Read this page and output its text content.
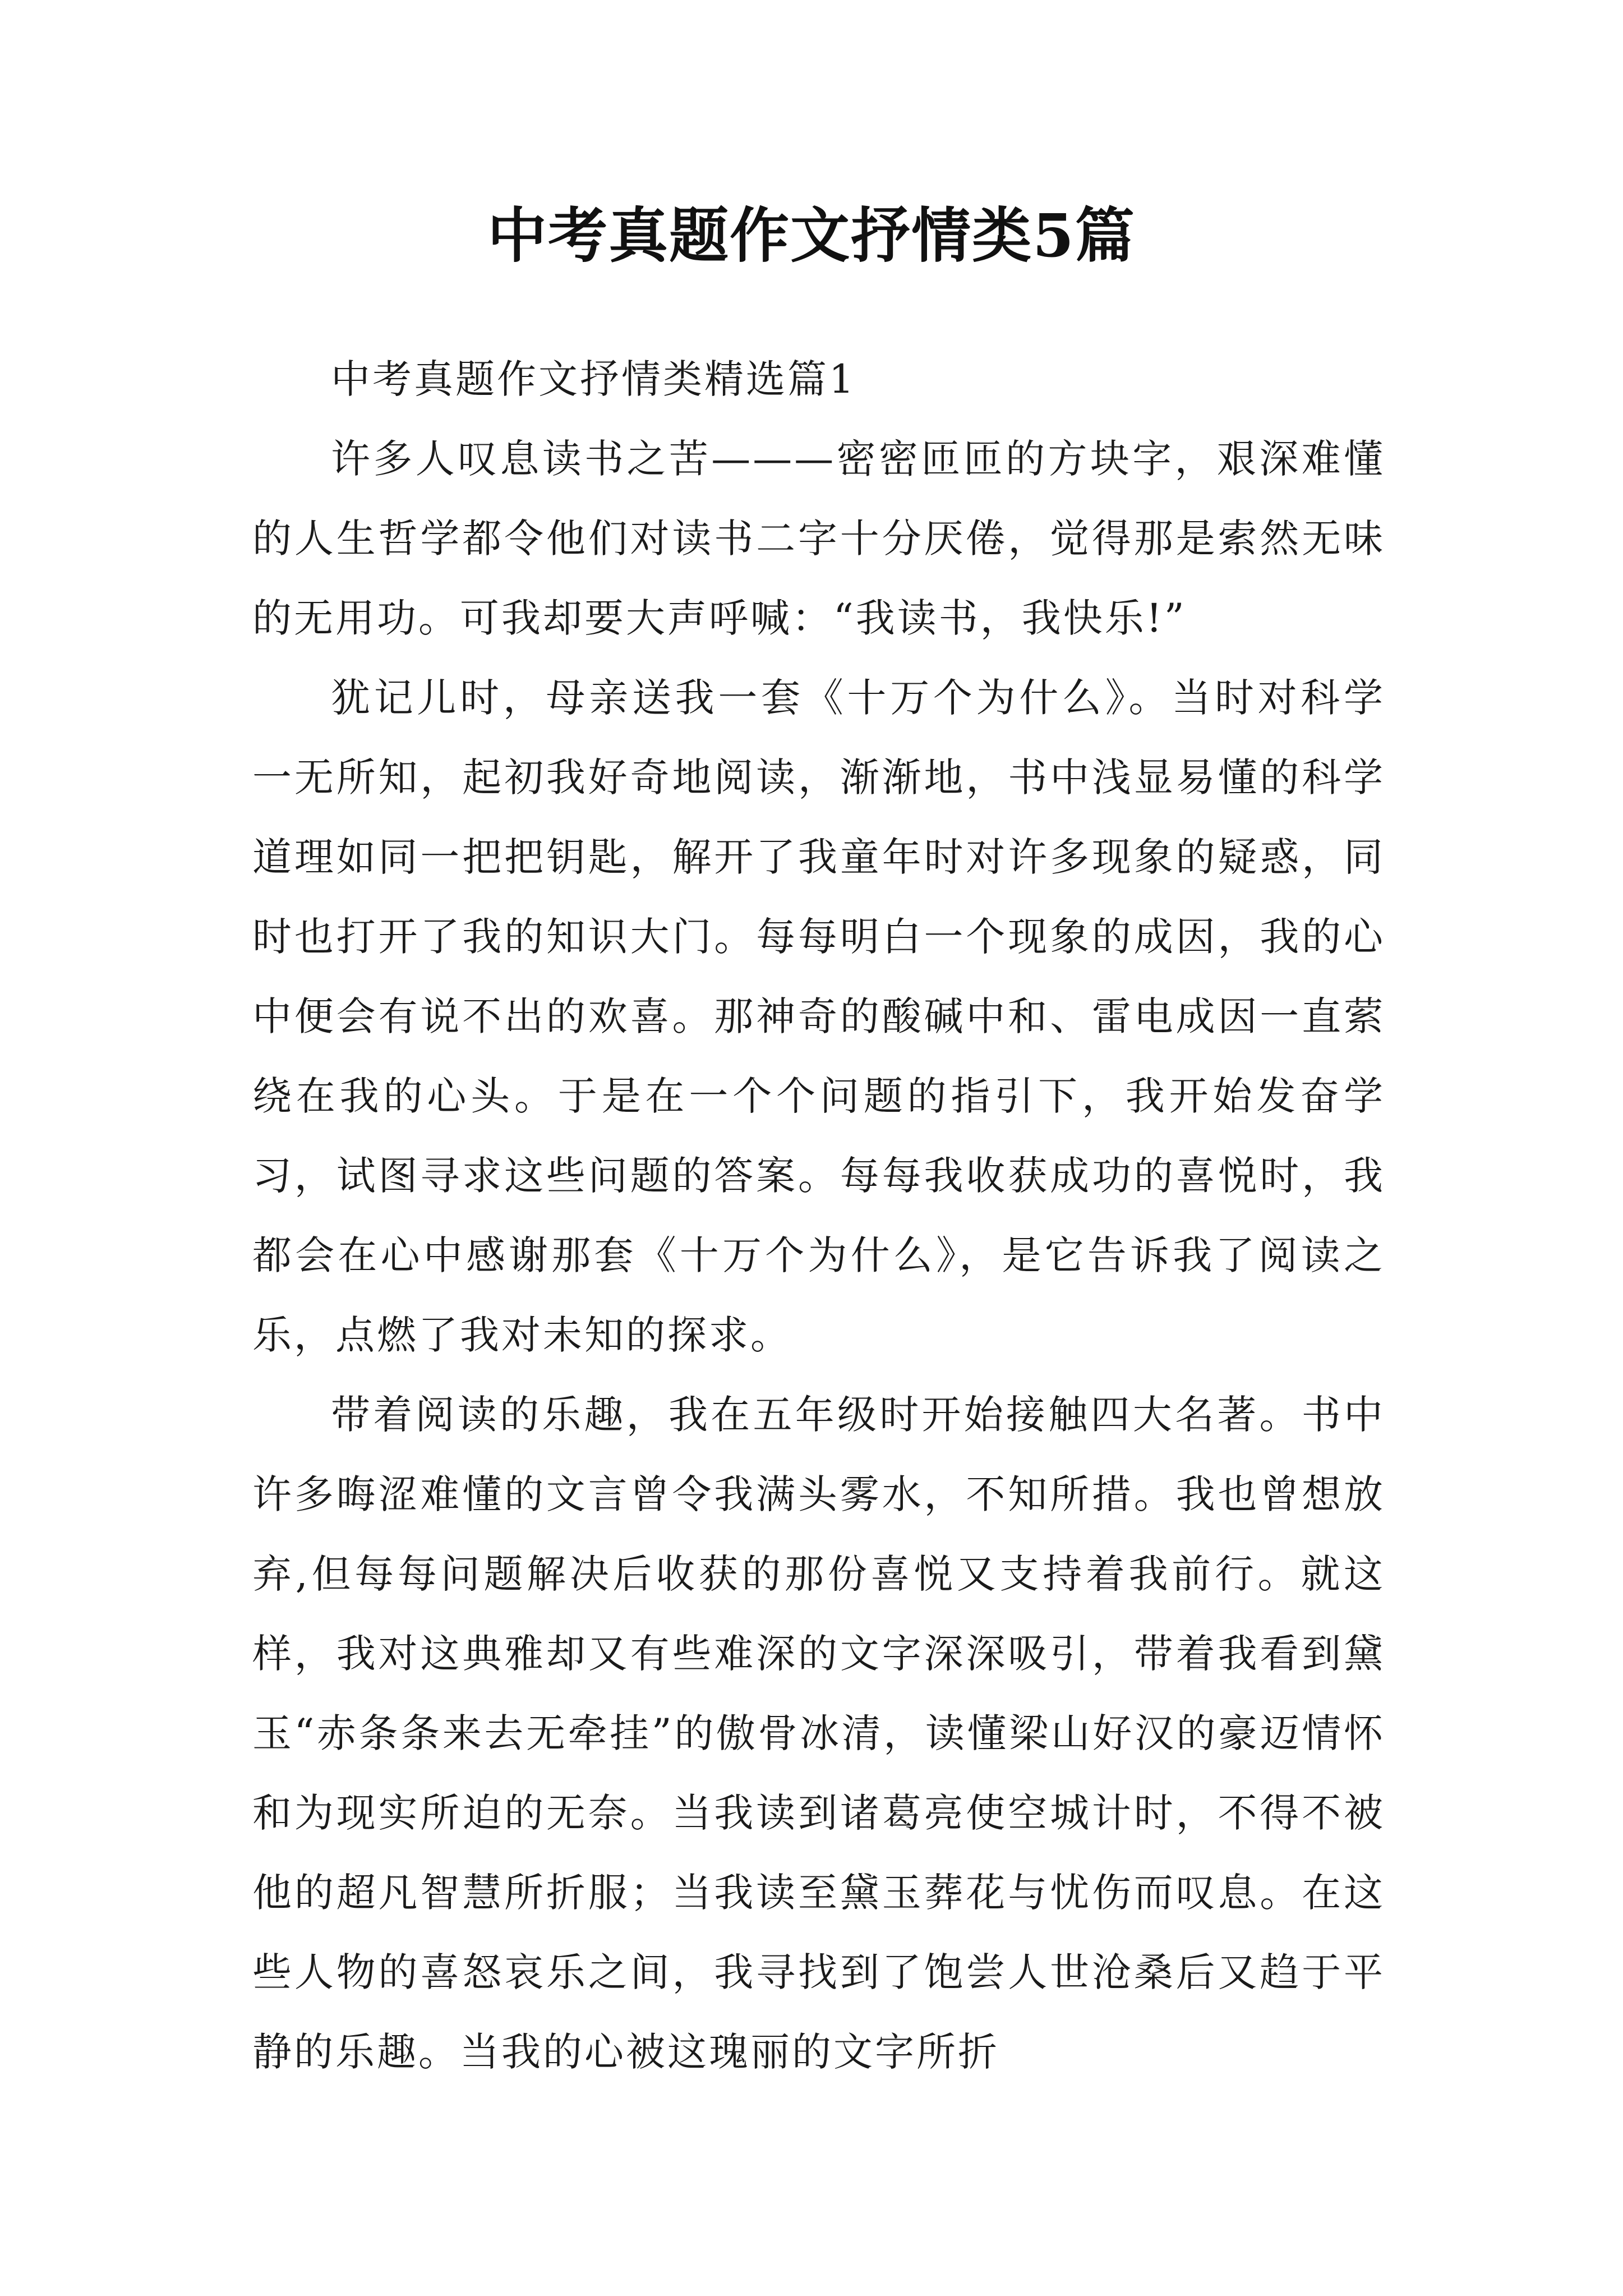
中考真题作文抒情类5篇

中考真题作文抒情类精选篇1

许多人叹息读书之苦———密密匝匝的方块字，艰深难懂的人生哲学都令他们对读书二字十分厌倦，觉得那是索然无味的无用功。可我却要大声呼喊：“我读书，我快乐!”

犹记儿时，母亲送我一套《十万个为什么》。当时对科学一无所知，起初我好奇地阅读，渐渐地，书中浅显易懂的科学道理如同一把把钥匙，解开了我童年时对许多现象的疑惑，同时也打开了我的知识大门。每每明白一个现象的成因，我的心中便会有说不出的欢喜。那神奇的酸碱中和、雷电成因一直萦绕在我的心头。于是在一个个问题的指引下，我开始发奋学习，试图寻求这些问题的答案。每每我收获成功的喜悦时，我都会在心中感谢那套《十万个为什么》，是它告诉我了阅读之乐，点燃了我对未知的探求。

带着阅读的乐趣，我在五年级时开始接触四大名著。书中许多晦涩难懂的文言曾令我满头雾水，不知所措。我也曾想放弃,但每每问题解决后收获的那份喜悦又支持着我前行。就这样，我对这典雅却又有些难深的文字深深吸引，带着我看到黛玉“赤条条来去无牵挂”的傲骨冰清，读懂梁山好汉的豪迈情怀和为现实所迫的无奈。当我读到诸葛亮使空城计时，不得不被他的超凡智慧所折服；当我读至黛玉葬花与忧伤而叹息。在这些人物的喜怒哀乐之间，我寻找到了饱尝人世沧桑后又趋于平静的乐趣。当我的心被这瑰丽的文字所折
